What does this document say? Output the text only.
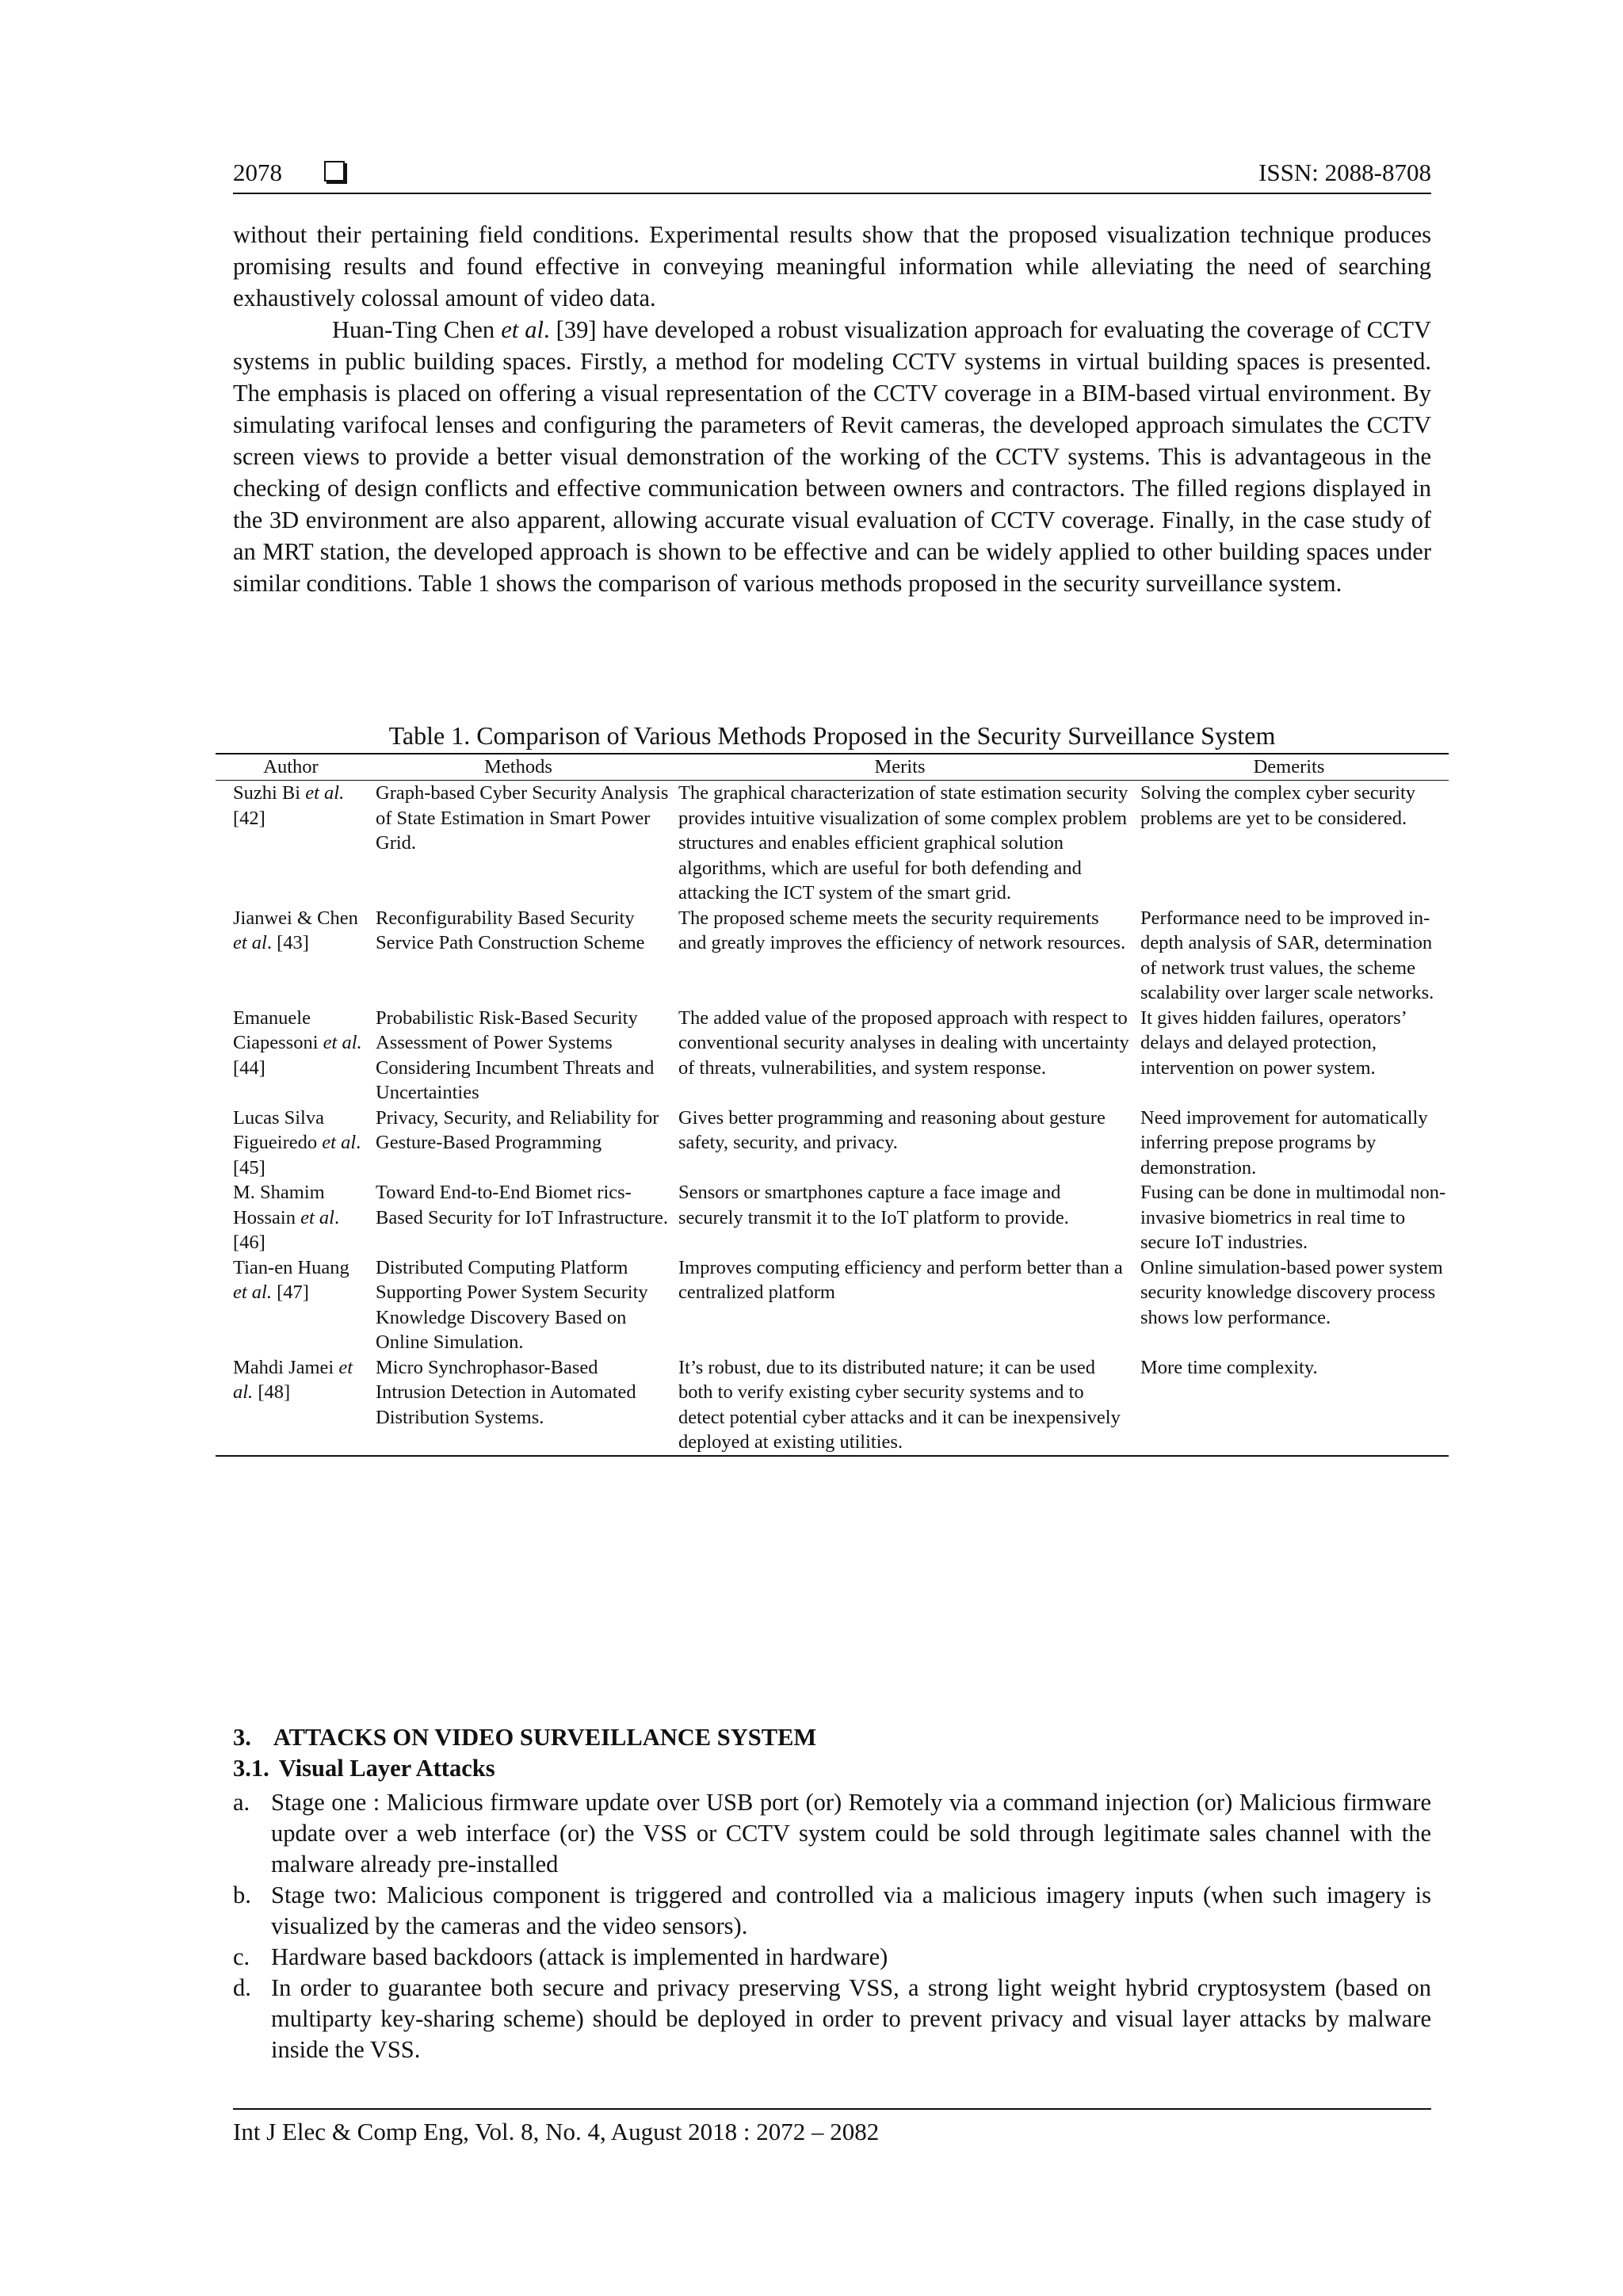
2078	ISSN: 2088-8708

without their pertaining field conditions. Experimental results show that the proposed visualization technique produces promising results and found effective in conveying meaningful information while alleviating the need of searching exhaustively colossal amount of video data.

Huan-Ting Chen et al. [39] have developed a robust visualization approach for evaluating the coverage of CCTV systems in public building spaces. Firstly, a method for modeling CCTV systems in virtual building spaces is presented. The emphasis is placed on offering a visual representation of the CCTV coverage in a BIM-based virtual environment. By simulating varifocal lenses and configuring the parameters of Revit cameras, the developed approach simulates the CCTV screen views to provide a better visual demonstration of the working of the CCTV systems. This is advantageous in the checking of design conflicts and effective communication between owners and contractors. The filled regions displayed in the 3D environment are also apparent, allowing accurate visual evaluation of CCTV coverage. Finally, in the case study of an MRT station, the developed approach is shown to be effective and can be widely applied to other building spaces under similar conditions. Table 1 shows the comparison of various methods proposed in the security surveillance system.

Table 1. Comparison of Various Methods Proposed in the Security Surveillance System
Author	Methods	Merits	Demerits
Suzhi Bi et al. [42]	Graph-based Cyber Security Analysis of State Estimation in Smart Power Grid.	The graphical characterization of state estimation security provides intuitive visualization of some complex problem structures and enables efficient graphical solution algorithms, which are useful for both defending and attacking the ICT system of the smart grid.	Solving the complex cyber security problems are yet to be considered.
Jianwei & Chen et al. [43]	Reconfigurability Based Security Service Path Construction Scheme	The proposed scheme meets the security requirements and greatly improves the efficiency of network resources.	Performance need to be improved in-depth analysis of SAR, determination of network trust values, the scheme scalability over larger scale networks.
Emanuele Ciapessoni et al. [44]	Probabilistic Risk-Based Security Assessment of Power Systems Considering Incumbent Threats and Uncertainties	The added value of the proposed approach with respect to conventional security analyses in dealing with uncertainty of threats, vulnerabilities, and system response.	It gives hidden failures, operators’ delays and delayed protection, intervention on power system.
Lucas Silva Figueiredo et al. [45]	Privacy, Security, and Reliability for Gesture-Based Programming	Gives better programming and reasoning about gesture safety, security, and privacy.	Need improvement for automatically inferring prepose programs by demonstration.
M. Shamim Hossain et al. [46]	Toward End-to-End Biomet rics-Based Security for IoT Infrastructure.	Sensors or smartphones capture a face image and securely transmit it to the IoT platform to provide.	Fusing can be done in multimodal non-invasive biometrics in real time to secure IoT industries.
Tian-en Huang et al. [47]	Distributed Computing Platform Supporting Power System Security Knowledge Discovery Based on Online Simulation.	Improves computing efficiency and perform better than a centralized platform	Online simulation-based power system security knowledge discovery process shows low performance.
Mahdi Jamei et al. [48]	Micro Synchrophasor-Based Intrusion Detection in Automated Distribution Systems.	It’s robust, due to its distributed nature; it can be used both to verify existing cyber security systems and to detect potential cyber attacks and it can be inexpensively deployed at existing utilities.	More time complexity.
3. ATTACKS ON VIDEO SURVEILLANCE SYSTEM
3.1. Visual Layer Attacks

a. Stage one : Malicious firmware update over USB port (or) Remotely via a command injection (or) Malicious firmware update over a web interface (or) the VSS or CCTV system could be sold through legitimate sales channel with the malware already pre-installed

b. Stage two: Malicious component is triggered and controlled via a malicious imagery inputs (when such imagery is visualized by the cameras and the video sensors).

c. Hardware based backdoors (attack is implemented in hardware)

d. In order to guarantee both secure and privacy preserving VSS, a strong light weight hybrid cryptosystem (based on multiparty key-sharing scheme) should be deployed in order to prevent privacy and visual layer attacks by malware inside the VSS.

Int J Elec & Comp Eng, Vol. 8, No. 4, August 2018 : 2072 – 2082
